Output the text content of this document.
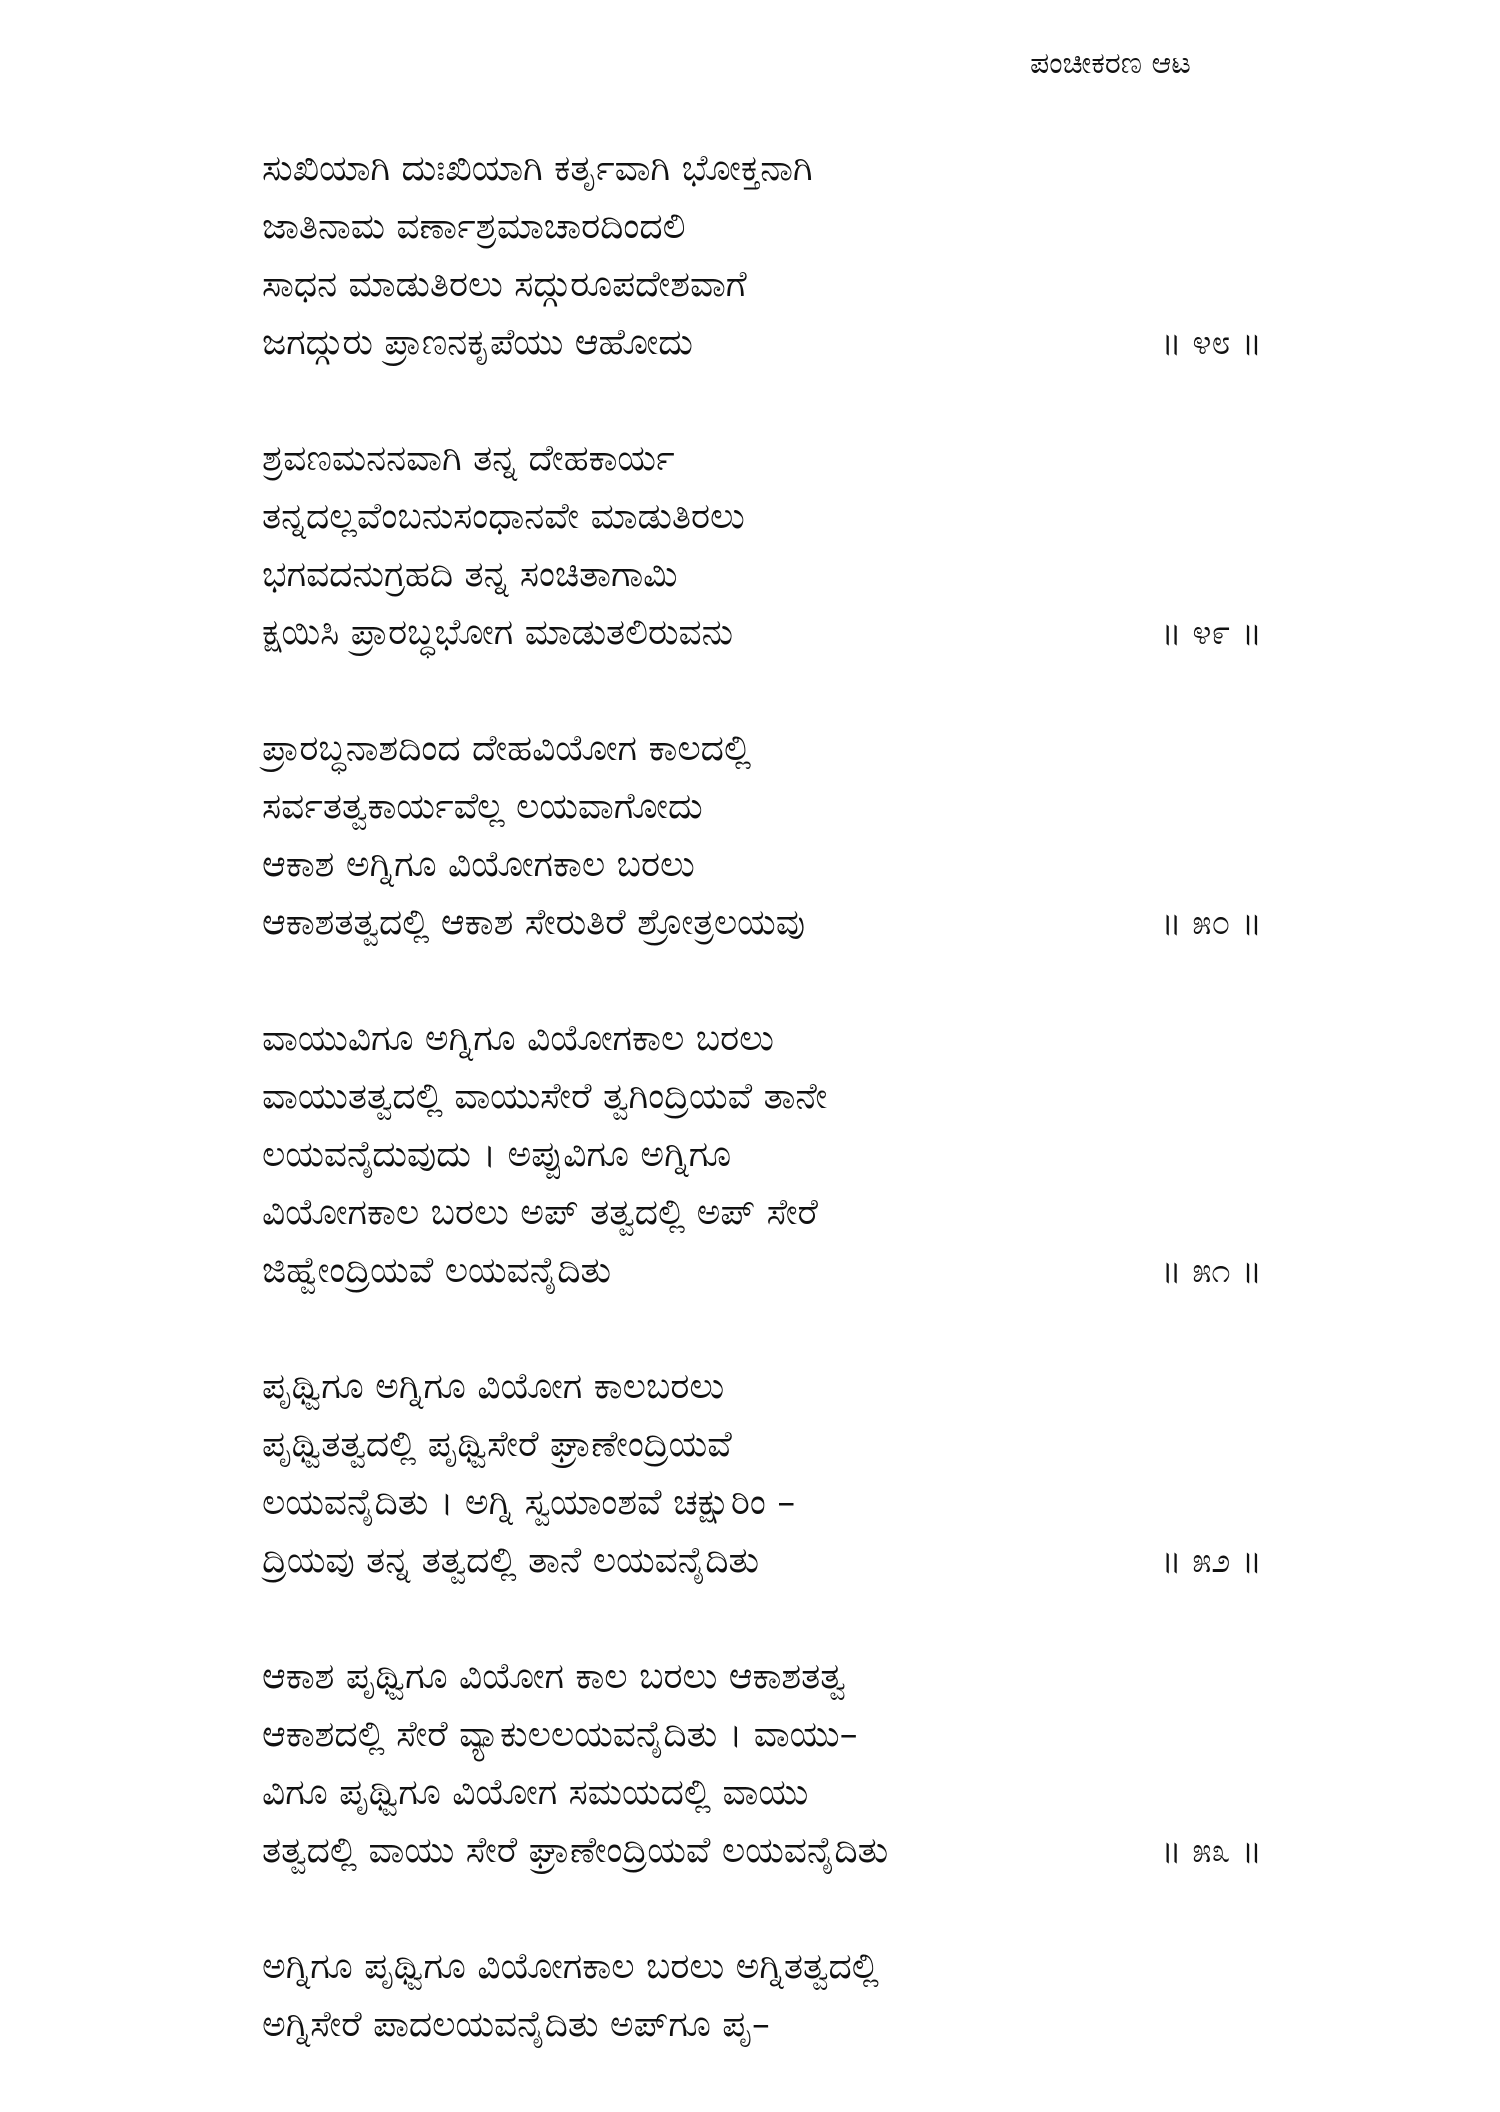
ಪಂಚೀಕರಣ ಆಟ
ಸುಖಿಯಾಗಿ ದುಃಖಿಯಾಗಿ ಕರ್ತೃವಾಗಿ ಭೋಕ್ತನಾಗಿ
ಜಾತಿನಾಮ ವರ್ಣಾಶ್ರಮಾಚಾರದಿಂದಲಿ
ಸಾಧನ ಮಾಡುತಿರಲು ಸದ್ಗುರೂಪದೇಶವಾಗೆ
ಜಗದ್ಗುರು ಪ್ರಾಣನಕೃಪೆಯು ಆಹೋದು	॥ ೪೮ ॥
ಶ್ರವಣಮನನವಾಗಿ ತನ್ನ ದೇಹಕಾರ್ಯ
ತನ್ನದಲ್ಲವೆಂಬನುಸಂಧಾನವೇ ಮಾಡುತಿರಲು
ಭಗವದನುಗ್ರಹದಿ ತನ್ನ ಸಂಚಿತಾಗಾಮಿ
ಕ್ಷಯಿಸಿ ಪ್ರಾರಬ್ಧಭೋಗ ಮಾಡುತಲಿರುವನು	॥ ೪೯ ॥
ಪ್ರಾರಬ್ಧನಾಶದಿಂದ ದೇಹವಿಯೋಗ ಕಾಲದಲ್ಲಿ
ಸರ್ವತತ್ವಕಾರ್ಯವೆಲ್ಲ ಲಯವಾಗೋದು
ಆಕಾಶ ಅಗ್ನಿಗೂ ವಿಯೋಗಕಾಲ ಬರಲು
ಆಕಾಶತತ್ವದಲ್ಲಿ ಆಕಾಶ ಸೇರುತಿರೆ ಶ್ರೋತ್ರಲಯವು	॥ ೫೦ ॥
ವಾಯುವಿಗೂ ಅಗ್ನಿಗೂ ವಿಯೋಗಕಾಲ ಬರಲು
ವಾಯುತತ್ವದಲ್ಲಿ ವಾಯುಸೇರೆ ತ್ವಗಿಂದ್ರಿಯವೆ ತಾನೇ
ಲಯವನೈದುವುದು । ಅಪ್ಪುವಿಗೂ ಅಗ್ನಿಗೂ
ವಿಯೋಗಕಾಲ ಬರಲು ಅಪ್ ತತ್ವದಲ್ಲಿ ಅಪ್ ಸೇರೆ
ಜಿಹ್ವೇಂದ್ರಿಯವೆ ಲಯವನೈದಿತು	॥ ೫೧ ॥
ಪೃಥ್ವಿಗೂ ಅಗ್ನಿಗೂ ವಿಯೋಗ ಕಾಲಬರಲು
ಪೃಥ್ವಿತತ್ವದಲ್ಲಿ ಪೃಥ್ವಿಸೇರೆ ಘ್ರಾಣೇಂದ್ರಿಯವೆ
ಲಯವನೈದಿತು । ಅಗ್ನಿ ಸ್ವಯಾಂಶವೆ ಚಕ್ಷುರಿಂ –
ದ್ರಿಯವು ತನ್ನ ತತ್ವದಲ್ಲಿ ತಾನೆ ಲಯವನೈದಿತು	॥ ೫೨ ॥
ಆಕಾಶ ಪೃಥ್ವಿಗೂ ವಿಯೋಗ ಕಾಲ ಬರಲು ಆಕಾಶತತ್ವ
ಆಕಾಶದಲ್ಲಿ ಸೇರೆ ವ್ಯಾಕುಲಲಯವನೈದಿತು । ವಾಯು–
ವಿಗೂ ಪೃಥ್ವಿಗೂ ವಿಯೋಗ ಸಮಯದಲ್ಲಿ ವಾಯು
ತತ್ವದಲ್ಲಿ ವಾಯು ಸೇರೆ ಘ್ರಾಣೇಂದ್ರಿಯವೆ ಲಯವನೈದಿತು	॥ ೫೩ ॥
ಅಗ್ನಿಗೂ ಪೃಥ್ವಿಗೂ ವಿಯೋಗಕಾಲ ಬರಲು ಅಗ್ನಿತತ್ವದಲ್ಲಿ
ಅಗ್ನಿಸೇರೆ ಪಾದಲಯವನೈದಿತು ಅಪ್‌ಗೂ ಪೃ–
